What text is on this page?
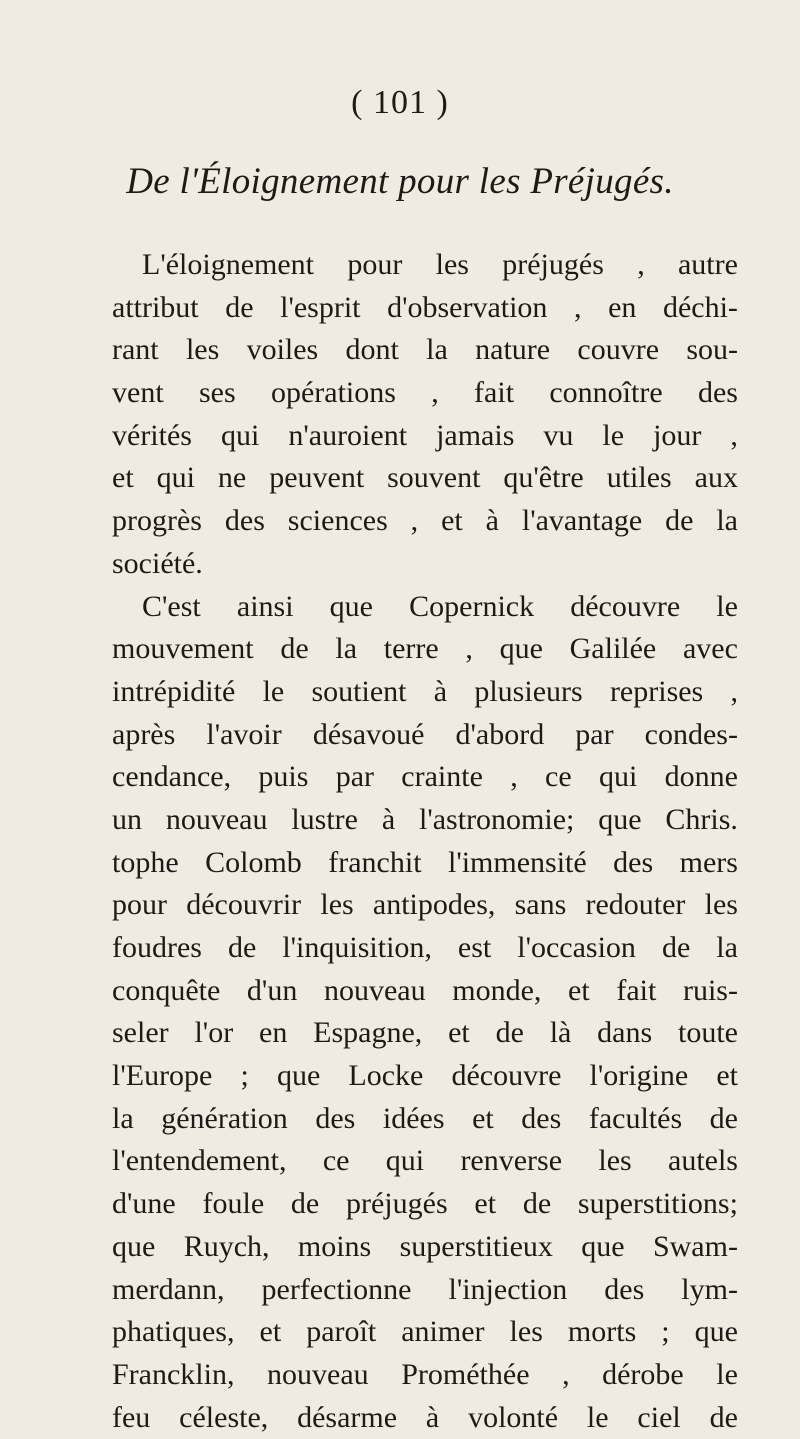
( 101 )
De l'Éloignement pour les Préjugés.
L'éloignement pour les préjugés , autre
attribut de l'esprit d'observation , en déchi-
rant les voiles dont la nature couvre sou-
vent ses opérations , fait connoître des
vérités qui n'auroient jamais vu le jour ,
et qui ne peuvent souvent qu'être utiles aux
progrès des sciences , et à l'avantage de la
société.
C'est ainsi que Copernick découvre le
mouvement de la terre , que Galilée avec
intrépidité le soutient à plusieurs reprises ,
après l'avoir désavoué d'abord par condes-
cendance, puis par crainte , ce qui donne
un nouveau lustre à l'astronomie; que Chris.
tophe Colomb franchit l'immensité des mers
pour découvrir les antipodes, sans redouter les
foudres de l'inquisition, est l'occasion de la
conquête d'un nouveau monde, et fait ruis-
seler l'or en Espagne, et de là dans toute
l'Europe ; que Locke découvre l'origine et
la génération des idées et des facultés de
l'entendement, ce qui renverse les autels
d'une foule de préjugés et de superstitions;
que Ruych, moins superstitieux que Swam-
merdann, perfectionne l'injection des lym-
phatiques, et paroît animer les morts ; que
Francklin, nouveau Prométhée , dérobe le
feu céleste, désarme à volonté le ciel de
